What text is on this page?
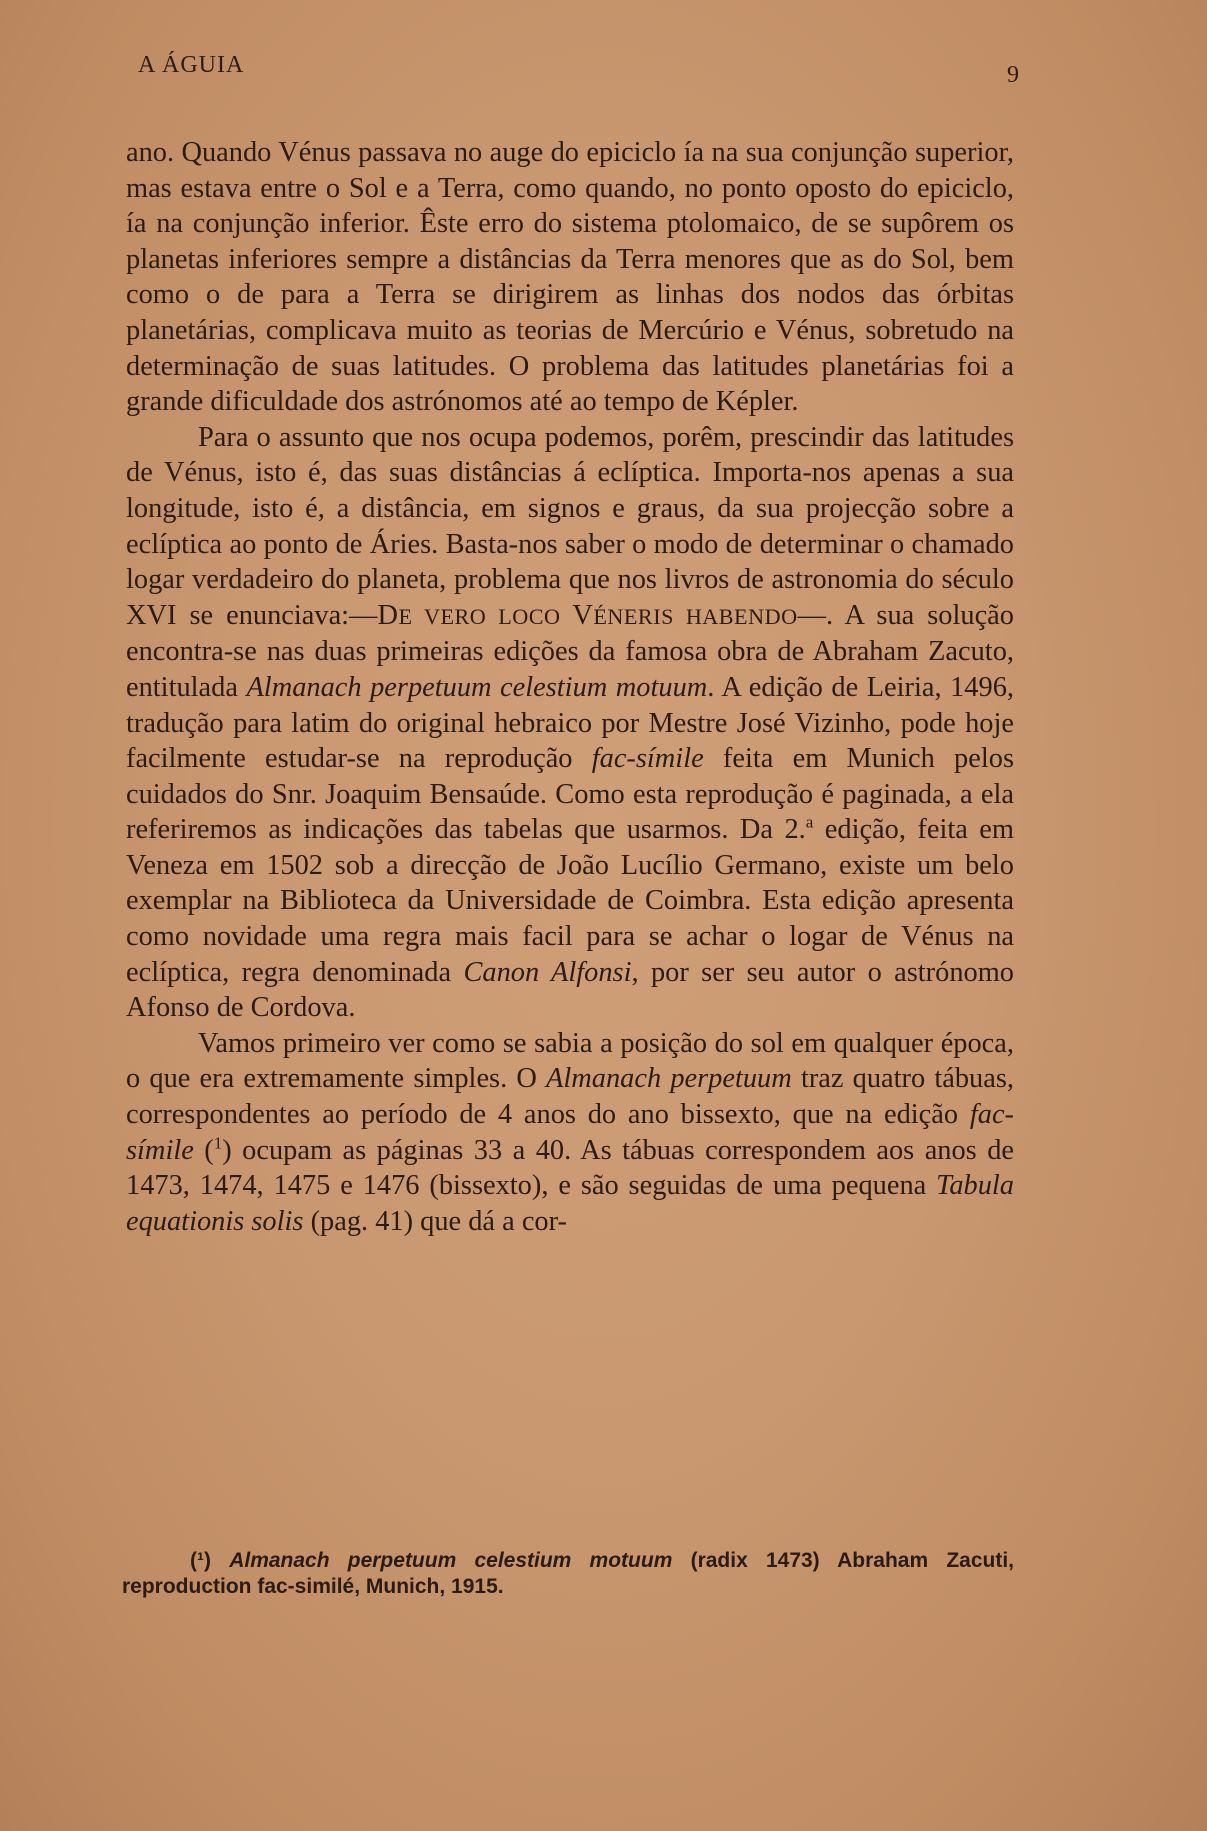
A ÁGUIA	9

ano. Quando Vénus passava no auge do epiciclo ía na sua conjunção superior, mas estava entre o Sol e a Terra, como quando, no ponto oposto do epiciclo, ía na conjunção inferior. Êste erro do sistema ptolomaico, de se supôrem os planetas inferiores sempre a distâncias da Terra menores que as do Sol, bem como o de para a Terra se dirigirem as linhas dos nodos das órbitas planetárias, complicava muito as teorias de Mercúrio e Vénus, sobretudo na determinação de suas latitudes. O problema das latitudes planetárias foi a grande dificuldade dos astrónomos até ao tempo de Képler.

Para o assunto que nos ocupa podemos, porêm, prescindir das latitudes de Vénus, isto é, das suas distâncias á eclíptica. Importa-nos apenas a sua longitude, isto é, a distância, em signos e graus, da sua projecção sobre a eclíptica ao ponto de Áries. Basta-nos saber o modo de determinar o chamado logar verdadeiro do planeta, problema que nos livros de astronomia do século XVI se enunciava:—DE VERO LOCO VÉNERIS HABENDO—. A sua solução encontra-se nas duas primeiras edições da famosa obra de Abraham Zacuto, entitulada Almanach perpetuum celestium motuum. A edição de Leiria, 1496, tradução para latim do original hebraico por Mestre José Vizinho, pode hoje facilmente estudar-se na reprodução fac-símile feita em Munich pelos cuidados do Snr. Joaquim Bensaúde. Como esta reprodução é paginada, a ela referiremos as indicações das tabelas que usarmos. Da 2.$^a$ edição, feita em Veneza em 1502 sob a direcção de João Lucílio Germano, existe um belo exemplar na Biblioteca da Universidade de Coimbra. Esta edição apresenta como novidade uma regra mais facil para se achar o logar de Vénus na eclíptica, regra denominada Canon Alfonsi, por ser seu autor o astrónomo Afonso de Cordova.

Vamos primeiro ver como se sabia a posição do sol em qualquer época, o que era extremamente simples. O Almanach perpetuum traz quatro tábuas, correspondentes ao período de 4 anos do ano bissexto, que na edição fac-símile ($^1$) ocupam as páginas 33 a 40. As tábuas correspondem aos anos de 1473, 1474, 1475 e 1476 (bissexto), e são seguidas de uma pequena Tabula equationis solis (pag. 41) que dá a cor-

(¹) Almanach perpetuum celestium motuum (radix 1473) Abraham Zacuti, reproduction fac-similé, Munich, 1915.
